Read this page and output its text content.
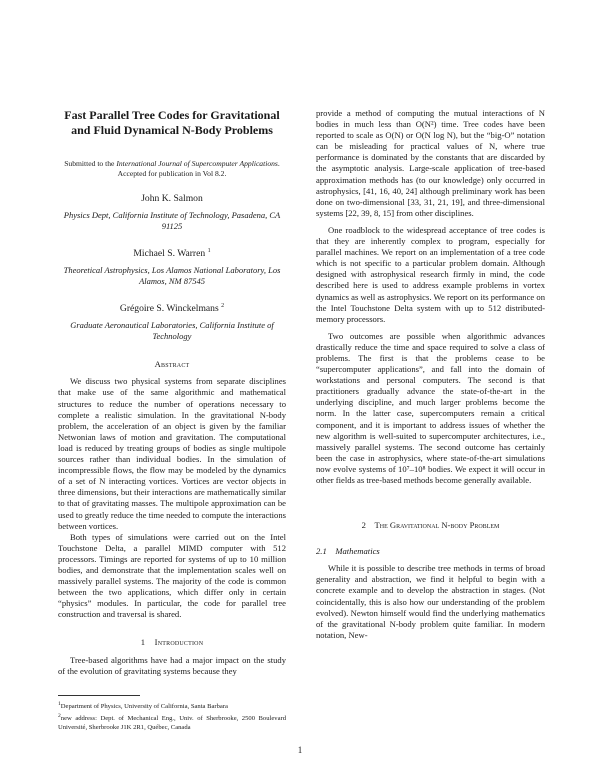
Fast Parallel Tree Codes for Gravitational and Fluid Dynamical N-Body Problems
Submitted to the International Journal of Supercomputer Applications.
Accepted for publication in Vol 8.2.
John K. Salmon
Physics Dept, California Institute of Technology, Pasadena, CA 91125
Michael S. Warren $^1$
Theoretical Astrophysics, Los Alamos National Laboratory, Los Alamos, NM 87545
Grégoire S. Winckelmans $^2$
Graduate Aeronautical Laboratories, California Institute of Technology
Abstract

We discuss two physical systems from separate disciplines that make use of the same algorithmic and mathematical structures to reduce the number of operations necessary to complete a realistic simulation. In the gravitational N-body problem, the acceleration of an object is given by the familiar Netwonian laws of motion and gravitation. The computational load is reduced by treating groups of bodies as single multipole sources rather than individual bodies. In the simulation of incompressible flows, the flow may be modeled by the dynamics of a set of N interacting vortices. Vortices are vector objects in three dimensions, but their interactions are mathematically similar to that of gravitating masses. The multipole approximation can be used to greatly reduce the time needed to compute the interactions between vortices.

Both types of simulations were carried out on the Intel Touchstone Delta, a parallel MIMD computer with 512 processors. Timings are reported for systems of up to 10 million bodies, and demonstrate that the implementation scales well on massively parallel systems. The majority of the code is common between the two applications, which differ only in certain “physics” modules. In particular, the code for parallel tree construction and traversal is shared.

1 Introduction

Tree-based algorithms have had a major impact on the study of the evolution of gravitating systems because they

$^1$Department of Physics, University of California, Santa Barbara
$^2$new address: Dept. of Mechanical Eng., Univ. of Sherbrooke, 2500 Boulevard Université, Sherbrooke J1K 2R1, Québec, Canada

provide a method of computing the mutual interactions of N bodies in much less than O(N²) time. Tree codes have been reported to scale as O(N) or O(N log N), but the “big-O” notation can be misleading for practical values of N, where true performance is dominated by the constants that are discarded by the asymptotic analysis. Large-scale application of tree-based approximation methods has (to our knowledge) only occurred in astrophysics, [41, 16, 40, 24] although preliminary work has been done on two-dimensional [33, 31, 21, 19], and three-dimensional systems [22, 39, 8, 15] from other disciplines.

One roadblock to the widespread acceptance of tree codes is that they are inherently complex to program, especially for parallel machines. We report on an implementation of a tree code which is not specific to a particular problem domain. Although designed with astrophysical research firmly in mind, the code described here is used to address example problems in vortex dynamics as well as astrophysics. We report on its performance on the Intel Touchstone Delta system with up to 512 distributed-memory processors.

Two outcomes are possible when algorithmic advances drastically reduce the time and space required to solve a class of problems. The first is that the problems cease to be “supercomputer applications”, and fall into the domain of workstations and personal computers. The second is that practitioners gradually advance the state-of-the-art in the underlying discipline, and much larger problems become the norm. In the latter case, supercomputers remain a critical component, and it is important to address issues of whether the new algorithm is well-suited to supercomputer architectures, i.e., massively parallel systems. The second outcome has certainly been the case in astrophysics, where state-of-the-art simulations now evolve systems of 10⁷–10⁸ bodies. We expect it will occur in other fields as tree-based methods become generally available.

2 The Gravitational N-body Problem
2.1 Mathematics

While it is possible to describe tree methods in terms of broad generality and abstraction, we find it helpful to begin with a concrete example and to develop the abstraction in stages. (Not coincidentally, this is also how our understanding of the problem evolved). Newton himself would find the underlying mathematics of the gravitational N-body problem quite familiar. In modern notation, New-

1
